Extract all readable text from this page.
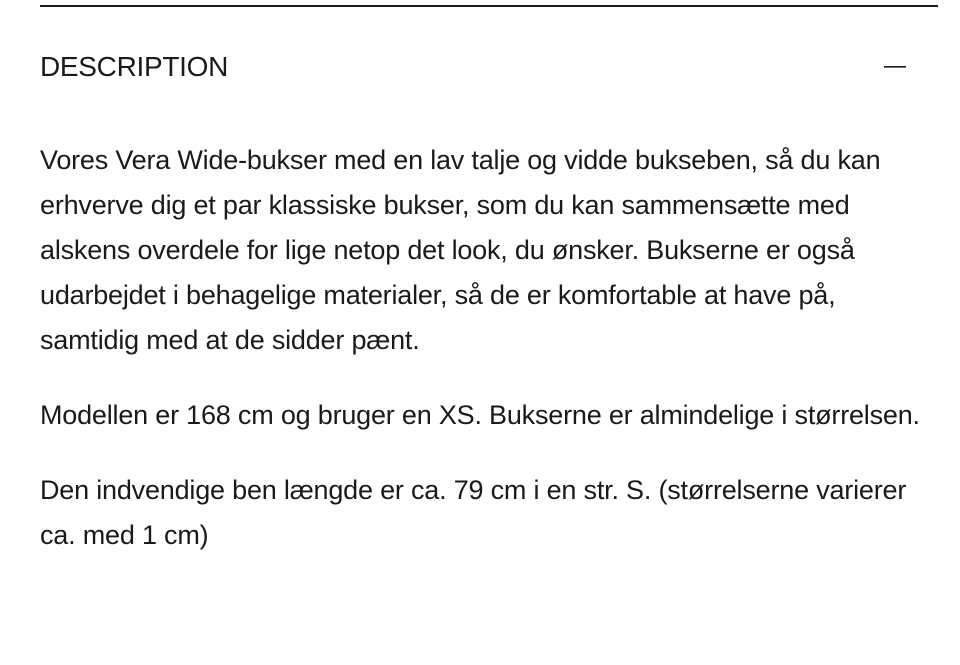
DESCRIPTION

Vores Vera Wide-bukser med en lav talje og vidde bukseben, så du kan erhverve dig et par klassiske bukser, som du kan sammensætte med alskens overdele for lige netop det look, du ønsker. Bukserne er også udarbejdet i behagelige materialer, så de er komfortable at have på, samtidig med at de sidder pænt.

Modellen er 168 cm og bruger en XS. Bukserne er almindelige i størrelsen.

Den indvendige ben længde er ca. 79 cm i en str. S. (størrelserne varierer ca. med 1 cm)
